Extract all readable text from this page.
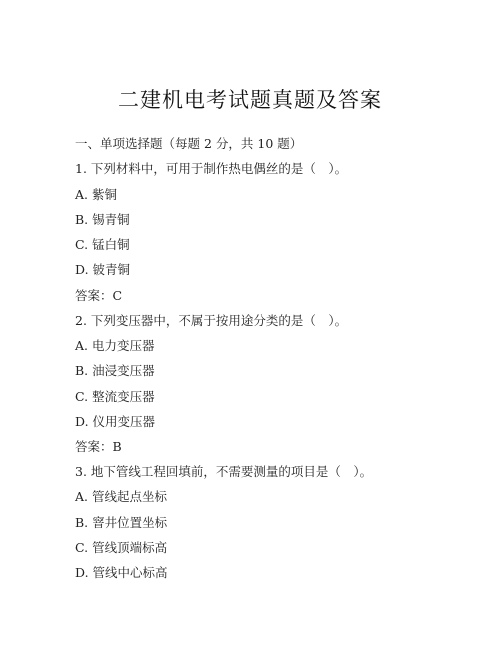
二建机电考试题真题及答案
一、单项选择题（每题 2 分，共 10 题）
1. 下列材料中，可用于制作热电偶丝的是（　）。
A. 紫铜
B. 锡青铜
C. 锰白铜
D. 铍青铜
答案：C
2. 下列变压器中，不属于按用途分类的是（　）。
A. 电力变压器
B. 油浸变压器
C. 整流变压器
D. 仪用变压器
答案：B
3. 地下管线工程回填前，不需要测量的项目是（　）。
A. 管线起点坐标
B. 窨井位置坐标
C. 管线顶端标高
D. 管线中心标高
